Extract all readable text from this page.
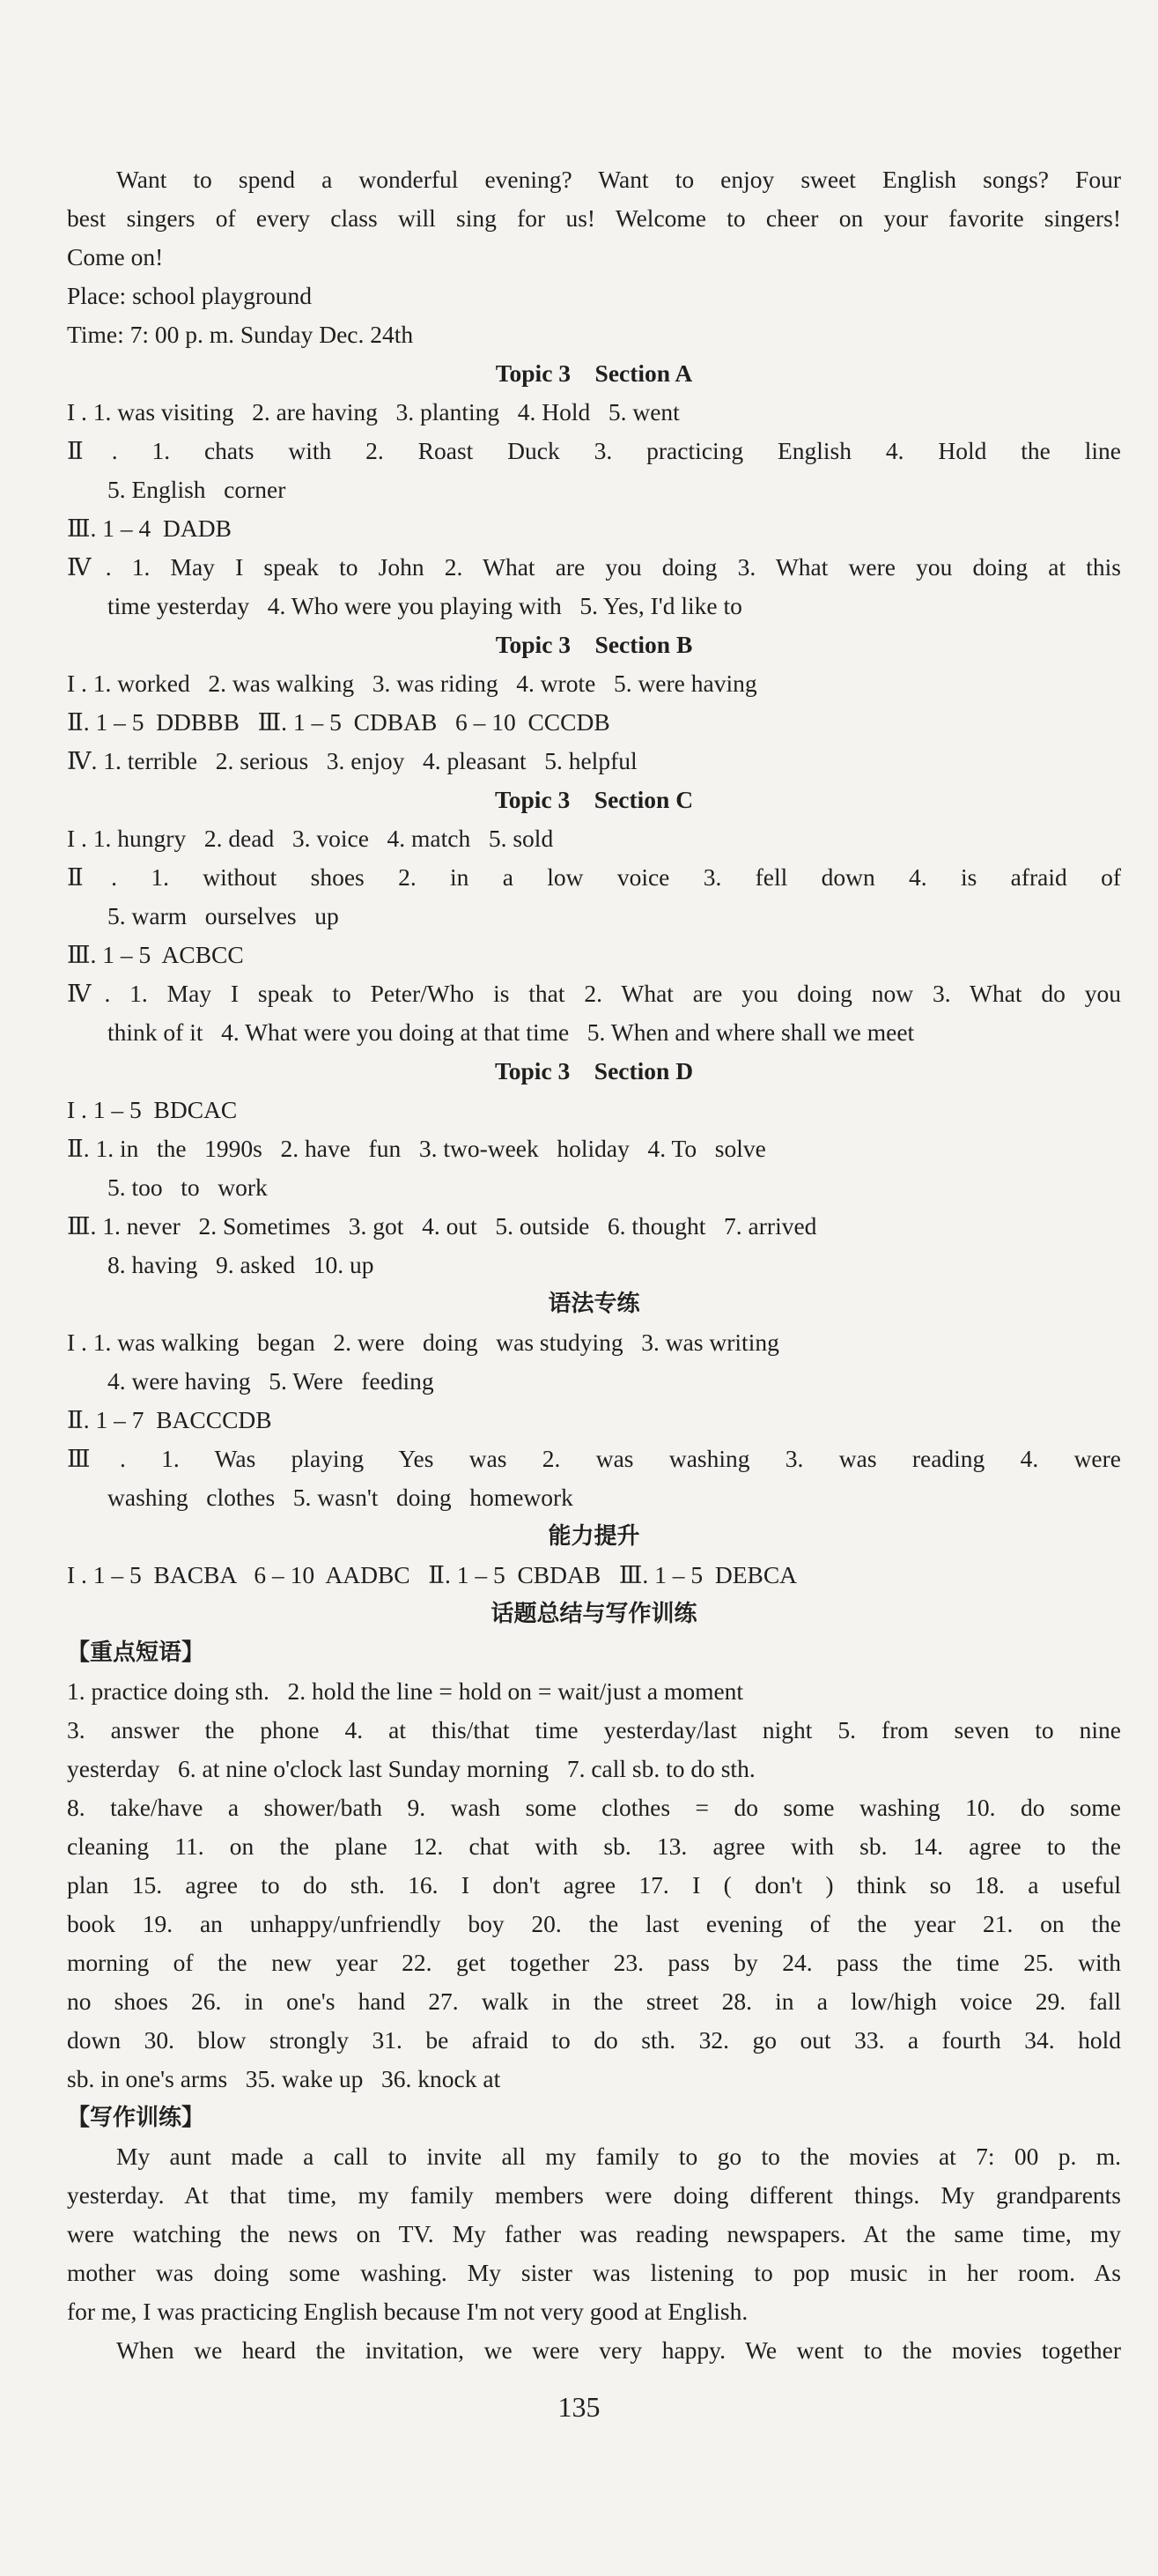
Want to spend a wonderful evening? Want to enjoy sweet English songs? Four

best singers of every class will sing for us! Welcome to cheer on your favorite singers!

Come on!

Place: school playground

Time: 7: 00 p. m. Sunday Dec. 24th

Topic 3    Section A

I . 1. was visiting   2. are having   3. planting   4. Hold   5. went

Ⅱ. 1. chats with 2. Roast Duck 3. practicing English 4. Hold the line

5. English   corner

Ⅲ. 1 – 4  DADB

Ⅳ. 1. May I speak to John 2. What are you doing 3. What were you doing at this

time yesterday   4. Who were you playing with   5. Yes, I'd like to

Topic 3    Section B

I . 1. worked   2. was walking   3. was riding   4. wrote   5. were having

Ⅱ. 1 – 5  DDBBB   Ⅲ. 1 – 5  CDBAB   6 – 10  CCCDB

Ⅳ. 1. terrible   2. serious   3. enjoy   4. pleasant   5. helpful

Topic 3    Section C

I . 1. hungry   2. dead   3. voice   4. match   5. sold

Ⅱ. 1. without shoes 2. in a low voice 3. fell down 4. is afraid of

5. warm   ourselves   up

Ⅲ. 1 – 5  ACBCC

Ⅳ. 1. May I speak to Peter/Who is that 2. What are you doing now 3. What do you

think of it   4. What were you doing at that time   5. When and where shall we meet

Topic 3    Section D

I . 1 – 5  BDCAC

Ⅱ. 1. in   the   1990s   2. have   fun   3. two-week   holiday   4. To   solve

5. too   to   work

Ⅲ. 1. never   2. Sometimes   3. got   4. out   5. outside   6. thought   7. arrived

8. having   9. asked   10. up

语法专练

I . 1. was walking   began   2. were   doing   was studying   3. was writing

4. were having   5. Were   feeding

Ⅱ. 1 – 7  BACCCDB

Ⅲ. 1. Was playing Yes was 2. was washing 3. was reading 4. were

washing   clothes   5. wasn't   doing   homework

能力提升

I . 1 – 5  BACBA   6 – 10  AADBC   Ⅱ. 1 – 5  CBDAB   Ⅲ. 1 – 5  DEBCA

话题总结与写作训练

【重点短语】

1. practice doing sth.   2. hold the line = hold on = wait/just a moment

3. answer the phone 4. at this/that time yesterday/last night 5. from seven to nine

yesterday   6. at nine o'clock last Sunday morning   7. call sb. to do sth.

8. take/have a shower/bath 9. wash some clothes = do some washing 10. do some

cleaning 11. on the plane 12. chat with sb. 13. agree with sb. 14. agree to the

plan 15. agree to do sth. 16. I don't agree 17. I ( don't ) think so 18. a useful

book 19. an unhappy/unfriendly boy 20. the last evening of the year 21. on the

morning of the new year 22. get together 23. pass by 24. pass the time 25. with

no shoes 26. in one's hand 27. walk in the street 28. in a low/high voice 29. fall

down 30. blow strongly 31. be afraid to do sth. 32. go out 33. a fourth 34. hold

sb. in one's arms   35. wake up   36. knock at

【写作训练】

My aunt made a call to invite all my family to go to the movies at 7: 00 p. m.

yesterday. At that time, my family members were doing different things. My grandparents

were watching the news on TV. My father was reading newspapers. At the same time, my

mother was doing some washing. My sister was listening to pop music in her room. As

for me, I was practicing English because I'm not very good at English.

When we heard the invitation, we were very happy. We went to the movies together

135
